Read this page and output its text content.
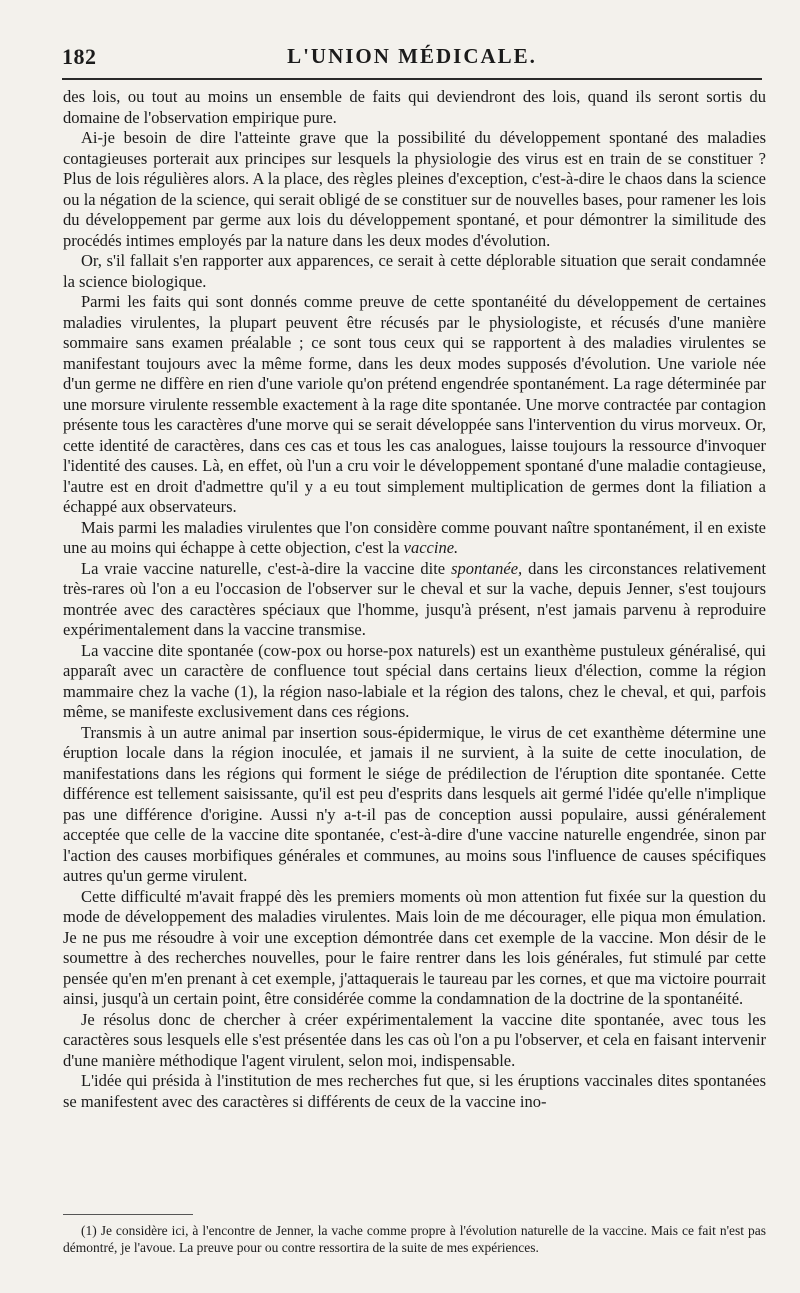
182	L'UNION MÉDICALE.

des lois, ou tout au moins un ensemble de faits qui deviendront des lois, quand ils seront sortis du domaine de l'observation empirique pure.

Ai-je besoin de dire l'atteinte grave que la possibilité du développement spontané des maladies contagieuses porterait aux principes sur lesquels la physiologie des virus est en train de se constituer ? Plus de lois régulières alors. A la place, des règles pleines d'exception, c'est-à-dire le chaos dans la science ou la négation de la science, qui serait obligé de se constituer sur de nouvelles bases, pour ramener les lois du développement par germe aux lois du développement spontané, et pour démontrer la similitude des procédés intimes employés par la nature dans les deux modes d'évolution.

Or, s'il fallait s'en rapporter aux apparences, ce serait à cette déplorable situation que serait condamnée la science biologique.

Parmi les faits qui sont donnés comme preuve de cette spontanéité du développement de certaines maladies virulentes, la plupart peuvent être récusés par le physiologiste, et récusés d'une manière sommaire sans examen préalable ; ce sont tous ceux qui se rapportent à des maladies virulentes se manifestant toujours avec la même forme, dans les deux modes supposés d'évolution. Une variole née d'un germe ne diffère en rien d'une variole qu'on prétend engendrée spontanément. La rage déterminée par une morsure virulente ressemble exactement à la rage dite spontanée. Une morve contractée par contagion présente tous les caractères d'une morve qui se serait développée sans l'intervention du virus morveux. Or, cette identité de caractères, dans ces cas et tous les cas analogues, laisse toujours la ressource d'invoquer l'identité des causes. Là, en effet, où l'un a cru voir le développement spontané d'une maladie contagieuse, l'autre est en droit d'admettre qu'il y a eu tout simplement multiplication de germes dont la filiation a échappé aux observateurs.

Mais parmi les maladies virulentes que l'on considère comme pouvant naître spontanément, il en existe une au moins qui échappe à cette objection, c'est la vaccine.

La vraie vaccine naturelle, c'est-à-dire la vaccine dite spontanée, dans les circonstances relativement très-rares où l'on a eu l'occasion de l'observer sur le cheval et sur la vache, depuis Jenner, s'est toujours montrée avec des caractères spéciaux que l'homme, jusqu'à présent, n'est jamais parvenu à reproduire expérimentalement dans la vaccine transmise.

La vaccine dite spontanée (cow-pox ou horse-pox naturels) est un exanthème pustuleux généralisé, qui apparaît avec un caractère de confluence tout spécial dans certains lieux d'élection, comme la région mammaire chez la vache (1), la région naso-labiale et la région des talons, chez le cheval, et qui, parfois même, se manifeste exclusivement dans ces régions.

Transmis à un autre animal par insertion sous-épidermique, le virus de cet exanthème détermine une éruption locale dans la région inoculée, et jamais il ne survient, à la suite de cette inoculation, de manifestations dans les régions qui forment le siége de prédilection de l'éruption dite spontanée. Cette différence est tellement saisissante, qu'il est peu d'esprits dans lesquels ait germé l'idée qu'elle n'implique pas une différence d'origine. Aussi n'y a-t-il pas de conception aussi populaire, aussi généralement acceptée que celle de la vaccine dite spontanée, c'est-à-dire d'une vaccine naturelle engendrée, sinon par l'action des causes morbifiques générales et communes, au moins sous l'influence de causes spécifiques autres qu'un germe virulent.

Cette difficulté m'avait frappé dès les premiers moments où mon attention fut fixée sur la question du mode de développement des maladies virulentes. Mais loin de me décourager, elle piqua mon émulation. Je ne pus me résoudre à voir une exception démontrée dans cet exemple de la vaccine. Mon désir de le soumettre à des recherches nouvelles, pour le faire rentrer dans les lois générales, fut stimulé par cette pensée qu'en m'en prenant à cet exemple, j'attaquerais le taureau par les cornes, et que ma victoire pourrait ainsi, jusqu'à un certain point, être considérée comme la condamnation de la doctrine de la spontanéité.

Je résolus donc de chercher à créer expérimentalement la vaccine dite spontanée, avec tous les caractères sous lesquels elle s'est présentée dans les cas où l'on a pu l'observer, et cela en faisant intervenir d'une manière méthodique l'agent virulent, selon moi, indispensable.

L'idée qui présida à l'institution de mes recherches fut que, si les éruptions vaccinales dites spontanées se manifestent avec des caractères si différents de ceux de la vaccine ino-

(1) Je considère ici, à l'encontre de Jenner, la vache comme propre à l'évolution naturelle de la vaccine. Mais ce fait n'est pas démontré, je l'avoue. La preuve pour ou contre ressortira de la suite de mes expériences.
